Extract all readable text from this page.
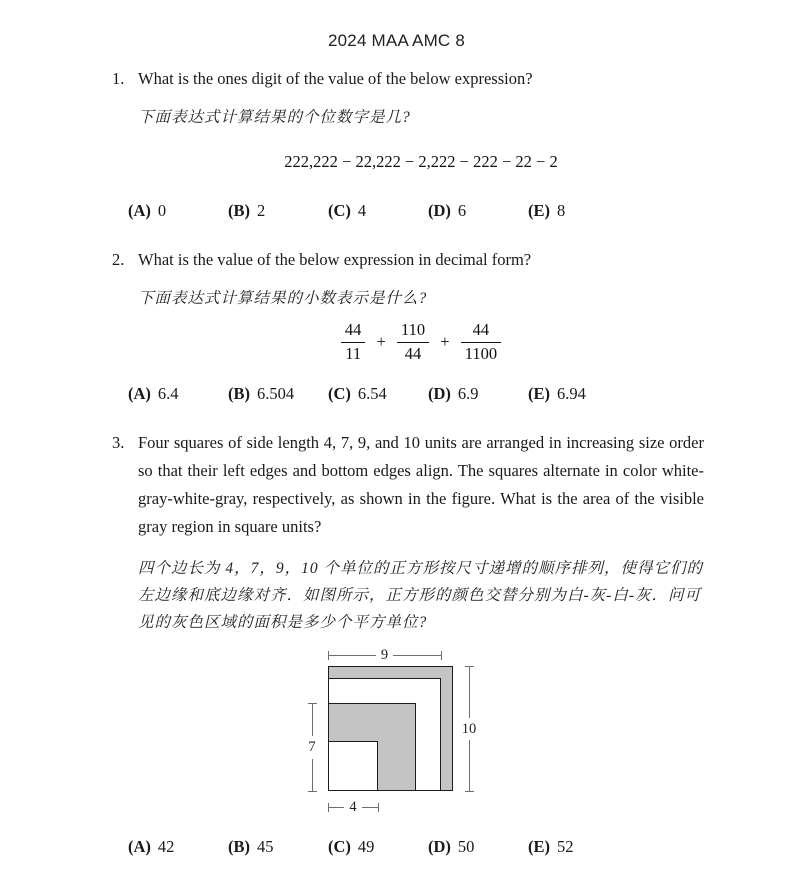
2024 MAA AMC 8
1. What is the ones digit of the value of the below expression?
下面表达式计算结果的个位数字是几?
222,222 − 22,222 − 2,222 − 222 − 22 − 2
(A) 0	(B) 2	(C) 4	(D) 6	(E) 8
2. What is the value of the below expression in decimal form?
下面表达式计算结果的小数表示是什么?
$\frac{44}{11} + \frac{110}{44} + \frac{44}{1100}$
(A) 6.4	(B) 6.504	(C) 6.54	(D) 6.9	(E) 6.94
3. Four squares of side length 4, 7, 9, and 10 units are arranged in increasing size order so that their left edges and bottom edges align. The squares alternate in color white-gray-white-gray, respectively, as shown in the figure. What is the area of the visible gray region in square units?
四个边长为 4，7，9，10 个单位的正方形按尺寸递增的顺序排列，使得它们的左边缘和底边缘对齐．如图所示，正方形的颜色交替分别为白-灰-白-灰．问可见的灰色区域的面积是多少个平方单位?
9
10
7
4
(A) 42	(B) 45	(C) 49	(D) 50	(E) 52
